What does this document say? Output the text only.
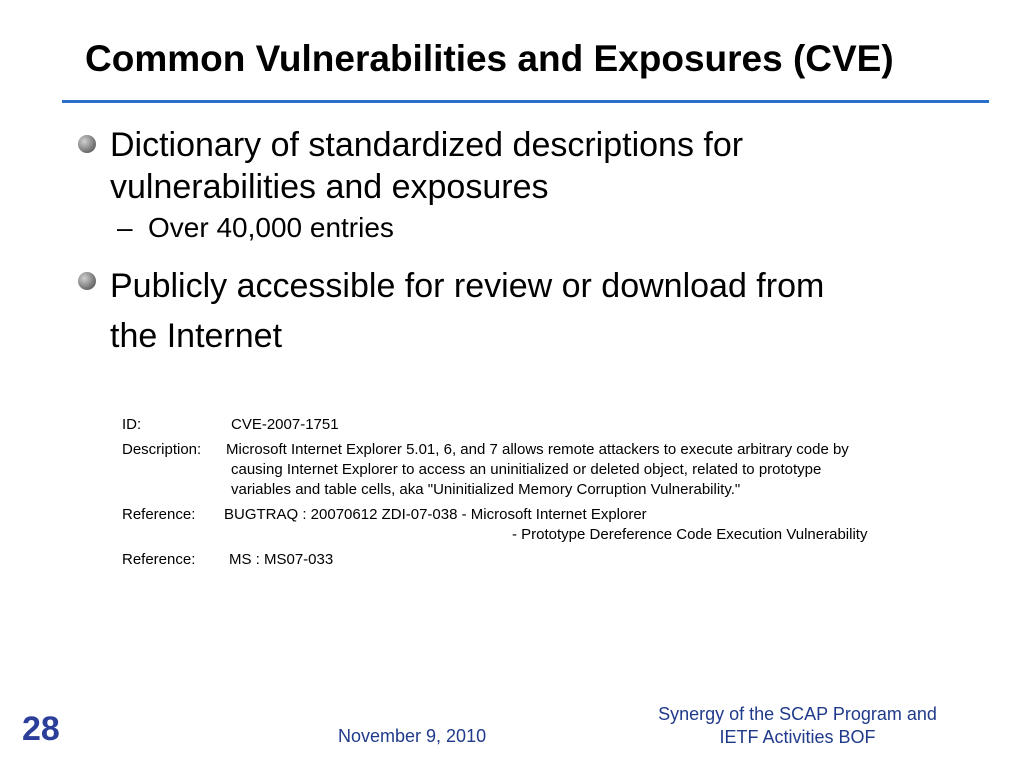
Common Vulnerabilities and Exposures (CVE)
Dictionary of standardized descriptions for
vulnerabilities and exposures
– Over 40,000 entries
Publicly accessible for review or download from
the Internet
ID:	CVE-2007-1751
Description: Microsoft Internet Explorer 5.01, 6, and 7 allows remote attackers to execute arbitrary code by
causing Internet Explorer to access an uninitialized or deleted object, related to prototype
variables and table cells, aka "Uninitialized Memory Corruption Vulnerability."
Reference: BUGTRAQ : 20070612 ZDI-07-038 - Microsoft Internet Explorer
- Prototype Dereference Code Execution Vulnerability
Reference: MS : MS07-033
28	November 9, 2010
Synergy of the SCAP Program and
IETF Activities BOF
